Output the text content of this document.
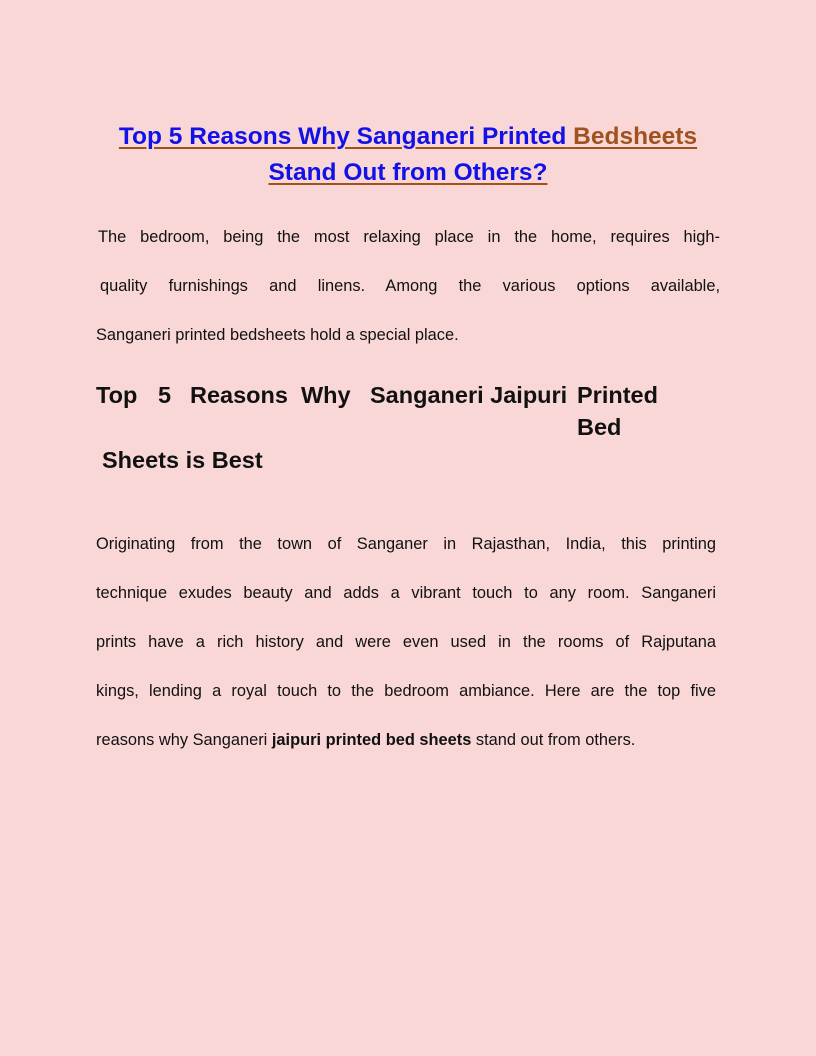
Top 5 Reasons Why Sanganeri Printed Bedsheets
Stand Out from Others?

The bedroom, being the most relaxing place in the home, requires high-
quality furnishings and linens. Among the various options available,
Sanganeri printed bedsheets hold a special place.

Top 5 Reasons Why Sanganeri Jaipuri Printed
Bed
Sheets is Best

Originating from the town of Sanganer in Rajasthan, India, this printing
technique exudes beauty and adds a vibrant touch to any room. Sanganeri
prints have a rich history and were even used in the rooms of Rajputana
kings, lending a royal touch to the bedroom ambiance. Here are the top five
reasons why Sanganeri jaipuri printed bed sheets stand out from others.
